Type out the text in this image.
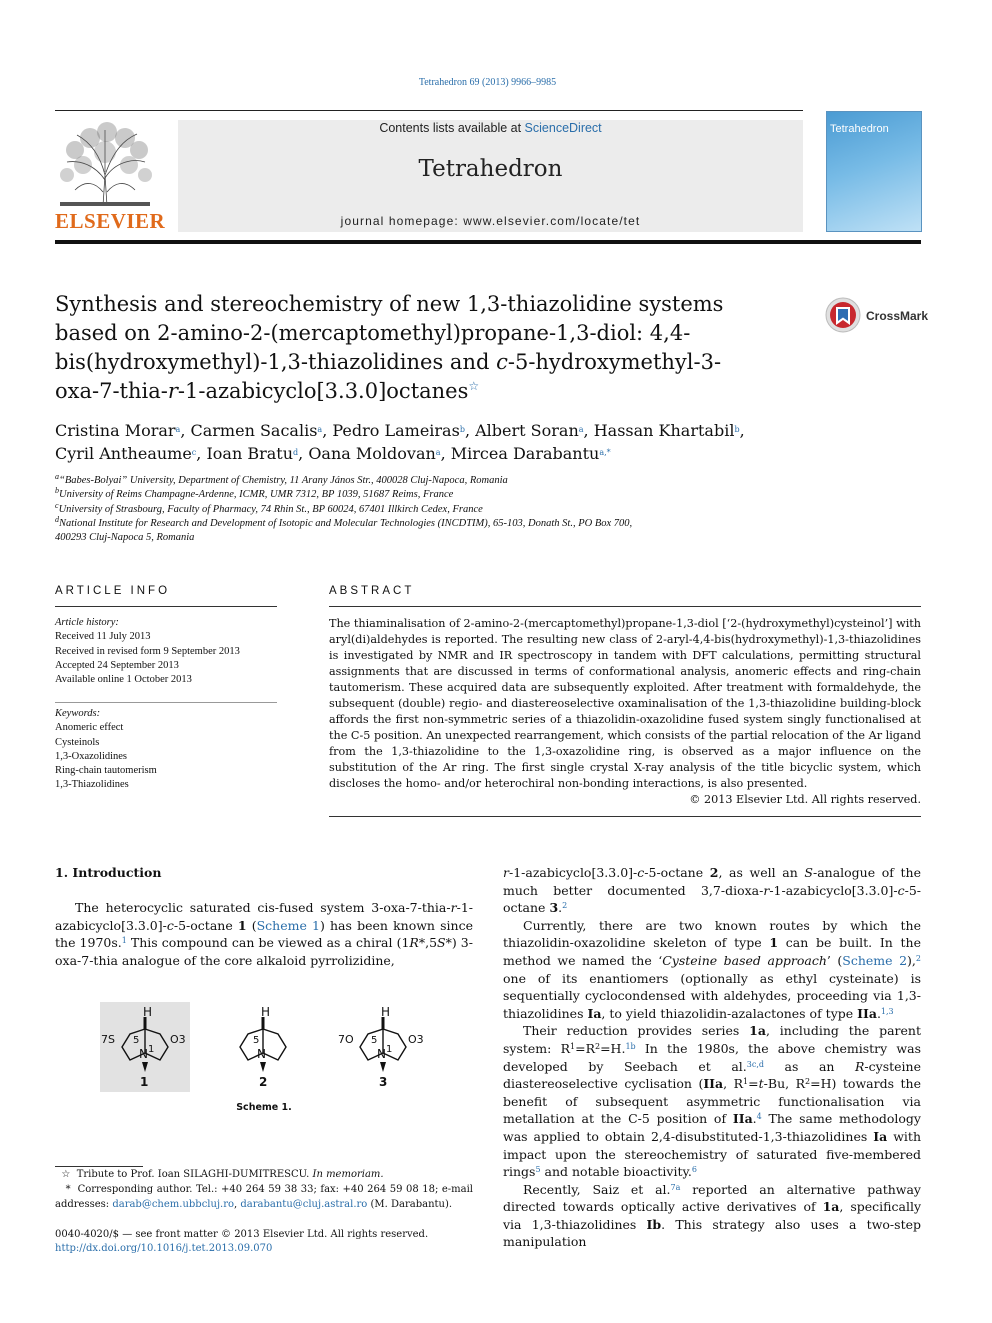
Tetrahedron 69 (2013) 9966–9985
ELSEVIER
Contents lists available at ScienceDirect
Tetrahedron
journal homepage: www.elsevier.com/locate/tet
Tetrahedron
Synthesis and stereochemistry of new 1,3-thiazolidine systems
based on 2-amino-2-(mercaptomethyl)propane-1,3-diol: 4,4-
bis(hydroxymethyl)-1,3-thiazolidines and c-5-hydroxymethyl-3-
oxa-7-thia-r-1-azabicyclo[3.3.0]octanes☆
CrossMark
Cristina Morar$^a$, Carmen Sacalis$^a$, Pedro Lameiras$^b$, Albert Soran$^a$, Hassan Khartabil$^b$,
Cyril Antheaume$^c$, Ioan Bratu$^d$, Oana Moldovan$^a$, Mircea Darabantu$^{a,*}$
$^a$“Babes-Bolyai” University, Department of Chemistry, 11 Arany János Str., 400028 Cluj-Napoca, Romania
$^b$University of Reims Champagne-Ardenne, ICMR, UMR 7312, BP 1039, 51687 Reims, France
$^c$University of Strasbourg, Faculty of Pharmacy, 74 Rhin St., BP 60024, 67401 Illkirch Cedex, France
$^d$National Institute for Research and Development of Isotopic and Molecular Technologies (INCDTIM), 65-103, Donath St., PO Box 700,
400293 Cluj-Napoca 5, Romania
ARTICLE INFO	ABSTRACT
Article history:
Received 11 July 2013
Received in revised form 9 September 2013
Accepted 24 September 2013
Available online 1 October 2013
Keywords:
Anomeric effect
Cysteinols
1,3-Oxazolidines
Ring-chain tautomerism
1,3-Thiazolidines
The thiaminalisation of 2-amino-2-(mercaptomethyl)propane-1,3-diol [‘2-(hydroxymethyl)cysteinol’] with aryl(di)aldehydes is reported. The resulting new class of 2-aryl-4,4-bis(hydroxymethyl)-1,3-thiazolidines is investigated by NMR and IR spectroscopy in tandem with DFT calculations, permitting structural assignments that are discussed in terms of conformational analysis, anomeric effects and ring-chain tautomerism. These acquired data are subsequently exploited. After treatment with formaldehyde, the subsequent (double) regio- and diastereoselective oxaminalisation of the 1,3-thiazolidine building-block affords the first non-symmetric series of a thiazolidin-oxazolidine fused system singly functionalised at the C-5 position. An unexpected rearrangement, which consists of the partial relocation of the Ar ligand from the 1,3-thiazolidine to the 1,3-oxazolidine ring, is observed as a major influence on the substitution of the Ar ring. The first single crystal X-ray analysis of the title bicyclic system, which discloses the homo- and/or heterochiral non-bonding interactions, is also presented.
© 2013 Elsevier Ltd. All rights reserved.
1. Introduction
The heterocyclic saturated cis-fused system 3-oxa-7-thia-r-1-azabicyclo[3.3.0]-c-5-octane 1 (Scheme 1) has been known since the 1970s.$^1$ This compound can be viewed as a chiral (1R*,5S*) 3-oxa-7-thia analogue of the core alkaloid pyrrolizidine,
H
7S	O3
5
1
N
1
H
5
N
2
H
7O	O3
5
1
N
3
Scheme 1.

r-1-azabicyclo[3.3.0]-c-5-octane 2, as well an S-analogue of the much better documented 3,7-dioxa-r-1-azabicyclo[3.3.0]-c-5-octane 3.$^2$

Currently, there are two known routes by which the thiazolidin-oxazolidine skeleton of type 1 can be built. In the method we named the ‘Cysteine based approach’ (Scheme 2),$^2$ one of its enantiomers (optionally as ethyl cysteinate) is sequentially cyclocondensed with aldehydes, proceeding via 1,3-thiazolidines Ia, to yield thiazolidin-azalactones of type IIa.$^{1,3}$

Their reduction provides series 1a, including the parent system: $R^1=R^2=H.^{1b}$ In the 1980s, the above chemistry was developed by Seebach et al.$^{3c,d}$ as an R-cysteine diastereoselective cyclisation (IIa, $R^1=t-Bu$, $R^2=H$) towards the benefit of subsequent asymmetric functionalisation via metallation at the C-5 position of IIa.$^4$ The same methodology was applied to obtain 2,4-disubstituted-1,3-thiazolidines Ia with impact upon the stereochemistry of saturated five-membered rings$^5$ and notable bioactivity.$^6$

Recently, Saiz et al.$^{7a}$ reported an alternative pathway directed towards optically active derivatives of 1a, specifically via 1,3-thiazolidines Ib. This strategy also uses a two-step manipulation

☆ Tribute to Prof. Ioan SILAGHI-DUMITRESCU. In memoriam.
* Corresponding author. Tel.: +40 264 59 38 33; fax: +40 264 59 08 18; e-mail addresses: darab@chem.ubbcluj.ro, darabantu@cluj.astral.ro (M. Darabantu).
0040-4020/$ — see front matter © 2013 Elsevier Ltd. All rights reserved.
http://dx.doi.org/10.1016/j.tet.2013.09.070
